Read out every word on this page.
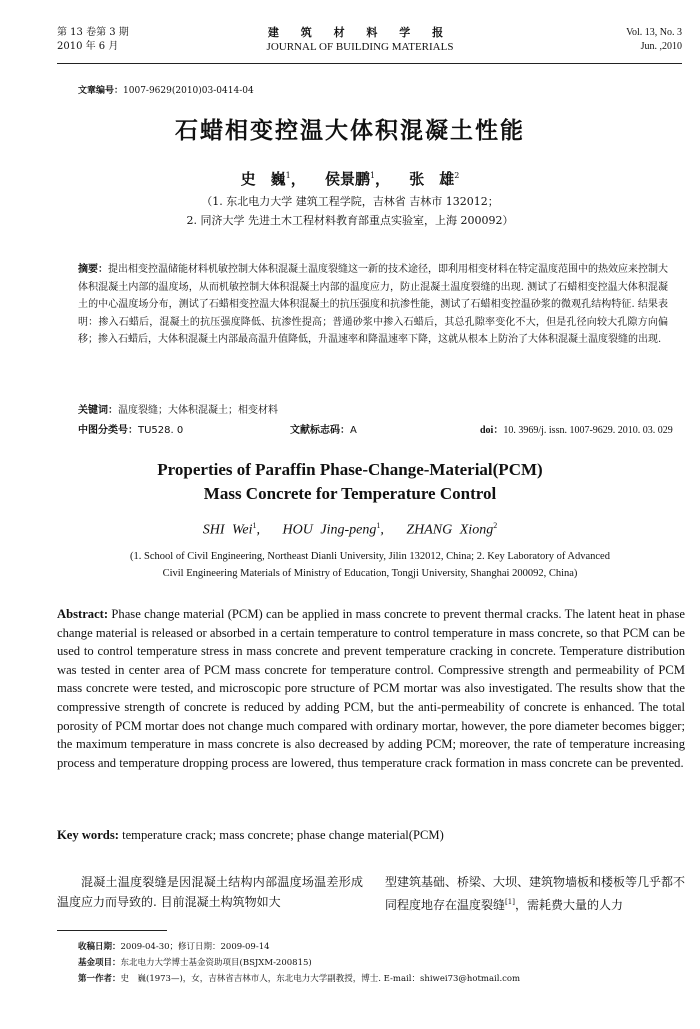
第 13 卷第 3 期
2010 年 6 月
建 筑 材 料 学 报
JOURNAL OF BUILDING MATERIALS
Vol. 13, No. 3
Jun. ,2010
文章编号：1007-9629(2010)03-0414-04
石蜡相变控温大体积混凝土性能
史　巍$^1$， 侯景鹏$^1$， 张　雄$^2$
（1. 东北电力大学 建筑工程学院，吉林省 吉林市 132012；
2. 同济大学 先进土木工程材料教育部重点实验室，上海 200092）
摘要：提出相变控温储能材料机敏控制大体积混凝土温度裂缝这一新的技术途径，即利用相变材料在特定温度范围中的热效应来控制大体积混凝土内部的温度场，从而机敏控制大体积混凝土内部的温度应力，防止混凝土温度裂缝的出现. 测试了石蜡相变控温大体积混凝土的中心温度场分布，测试了石蜡相变控温大体积混凝土的抗压强度和抗渗性能，测试了石蜡相变控温砂浆的微观孔结构特征. 结果表明：掺入石蜡后，混凝土的抗压强度降低、抗渗性提高；普通砂浆中掺入石蜡后，其总孔隙率变化不大，但是孔径向较大孔隙方向偏移；掺入石蜡后，大体积混凝土内部最高温升值降低，升温速率和降温速率下降，这就从根本上防治了大体积混凝土温度裂缝的出现.
关键词：温度裂缝；大体积混凝土；相变材料
中图分类号：TU528. 0	文献标志码：A	doi：10. 3969/j. issn. 1007-9629. 2010. 03. 029
Properties of Paraffin Phase-Change-Material(PCM)
Mass Concrete for Temperature Control
SHI Wei$^1$,   HOU Jing-peng$^1$,   ZHANG Xiong$^2$
(1. School of Civil Engineering, Northeast Dianli University, Jilin 132012, China; 2. Key Laboratory of Advanced
Civil Engineering Materials of Ministry of Education, Tongji University, Shanghai 200092, China)
Abstract: Phase change material (PCM) can be applied in mass concrete to prevent thermal cracks. The latent heat in phase change material is released or absorbed in a certain temperature to control temperature in mass concrete, so that PCM can be used to control temperature stress in mass concrete and prevent temperature cracking in concrete. Temperature distribution was tested in center area of PCM mass concrete for temperature control. Compressive strength and permeability of PCM mass concrete were tested, and microscopic pore structure of PCM mortar was also investigated. The results show that the compressive strength of concrete is reduced by adding PCM, but the anti-permeability of concrete is enhanced. The total porosity of PCM mortar does not change much compared with ordinary mortar, however, the pore diameter becomes bigger; the maximum temperature in mass concrete is also decreased by adding PCM; moreover, the rate of temperature increasing process and temperature dropping process are lowered, thus temperature crack formation in mass concrete can be prevented.
Key words: temperature crack; mass concrete; phase change material(PCM)
混凝土温度裂缝是因混凝土结构内部温度场温差形成温度应力而导致的. 目前混凝土构筑物如大
型建筑基础、桥梁、大坝、建筑物墙板和楼板等几乎都不同程度地存在温度裂缝[1]，需耗费大量的人力
收稿日期：2009-04-30；修订日期：2009-09-14
基金项目：东北电力大学博士基金资助项目(BSJXM-200815)
第一作者：史　巍(1973—)，女，吉林省吉林市人，东北电力大学副教授，博士. E-mail：shiwei73@hotmail.com
